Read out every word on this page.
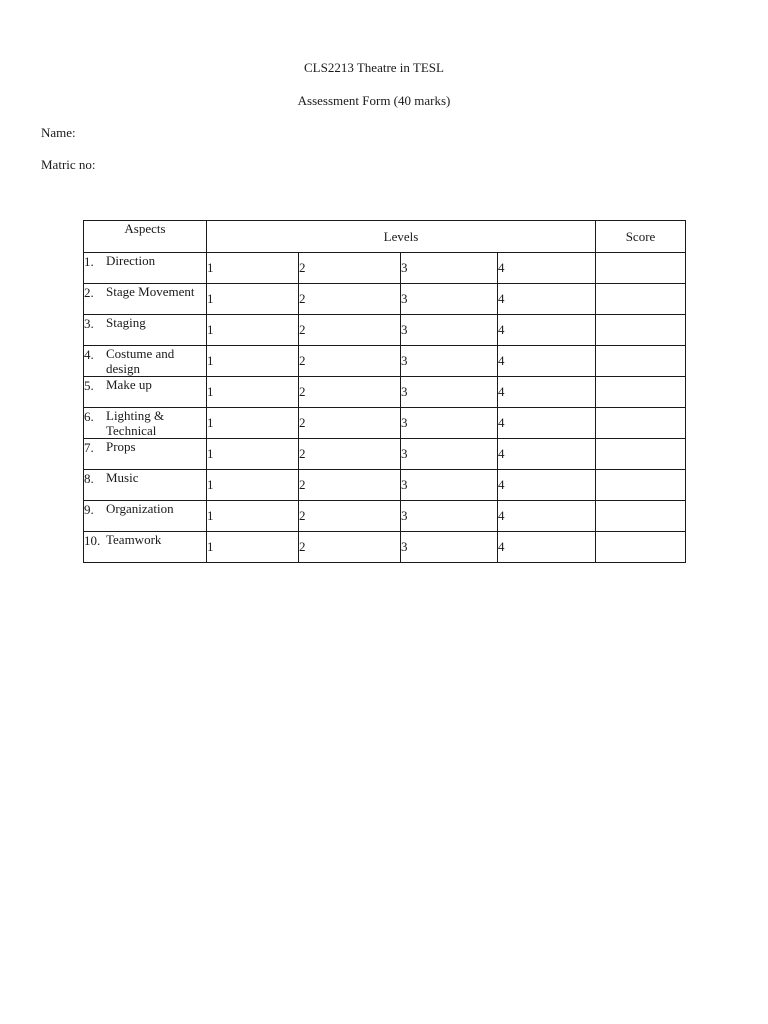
CLS2213 Theatre in TESL
Assessment Form (40 marks)
Name:
Matric no:
Aspects	Levels				Score

1. Direction	1	2	3	4	

2. Stage Movement	1	2	3	4	

3. Staging	1	2	3	4	

4. Costume and design	1	2	3	4	

5. Make up	1	2	3	4	

6. Lighting & Technical	1	2	3	4	

7. Props	1	2	3	4	

8. Music	1	2	3	4	

9. Organization	1	2	3	4	

10. Teamwork	1	2	3	4	
